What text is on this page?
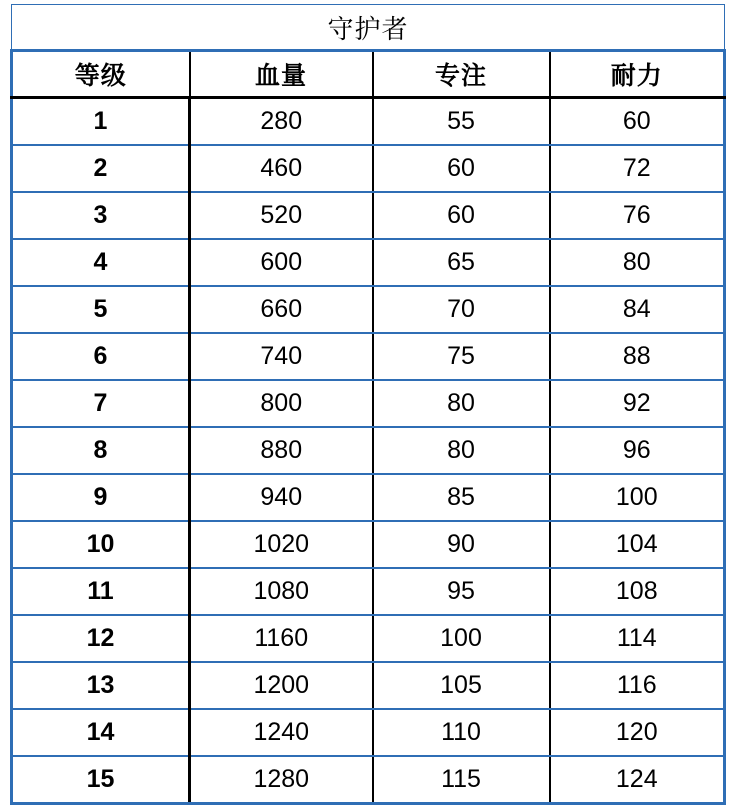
守护者			
等级	血量	专注	耐力
1	280	55	60
2	460	60	72
3	520	60	76
4	600	65	80
5	660	70	84
6	740	75	88
7	800	80	92
8	880	80	96
9	940	85	100
10	1020	90	104
11	1080	95	108
12	1160	100	114
13	1200	105	116
14	1240	110	120
15	1280	115	124
